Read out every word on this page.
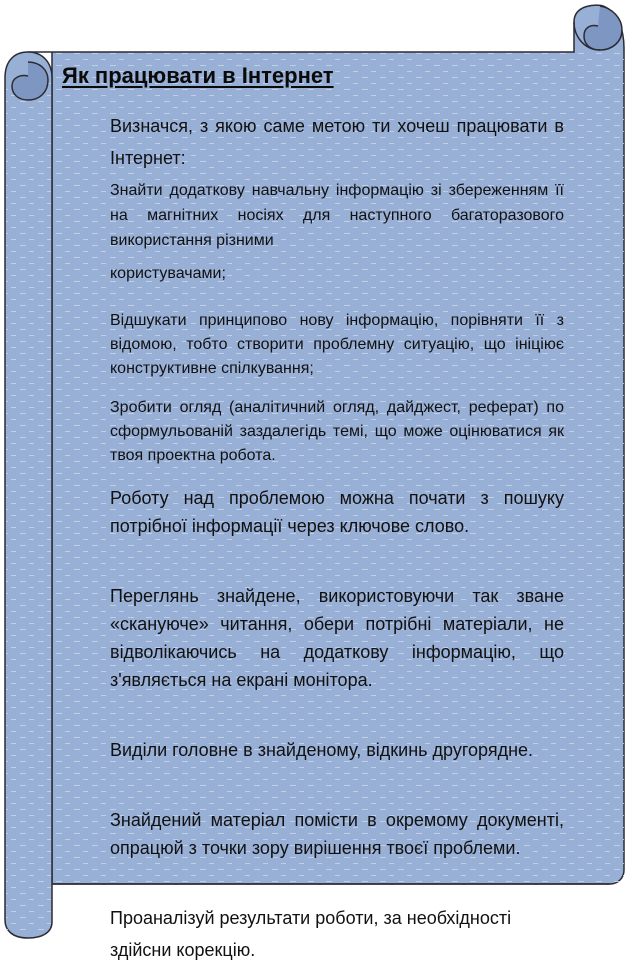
Як працювати в Інтернет

Визначся, з якою саме метою ти хочеш працювати в Інтернет:

Знайти додаткову навчальну інформацію зі збереженням її на магнітних носіях для наступного багаторазового використання різними
користувачами;

Відшукати принципово нову інформацію, порівняти її з відомою, тобто створити проблемну ситуацію, що ініціює конструктивне спілкування;

Зробити огляд (аналітичний огляд, дайджест, реферат) по сформульованій заздалегідь темі, що може оцінюватися як твоя проектна робота.

Роботу над проблемою можна почати з пошуку потрібної інформації через ключове слово.

Переглянь знайдене, використовуючи так зване «скануюче» читання, обери потрібні матеріали, не відволікаючись на додаткову інформацію, що з'являється на екрані монітора.

Виділи головне в знайденому, відкинь другорядне.

Знайдений матеріал помісти в окремому документі, опрацюй з точки зору вирішення твоєї проблеми.

Проаналізуй результати роботи, за необхідності здійсни корекцію.
